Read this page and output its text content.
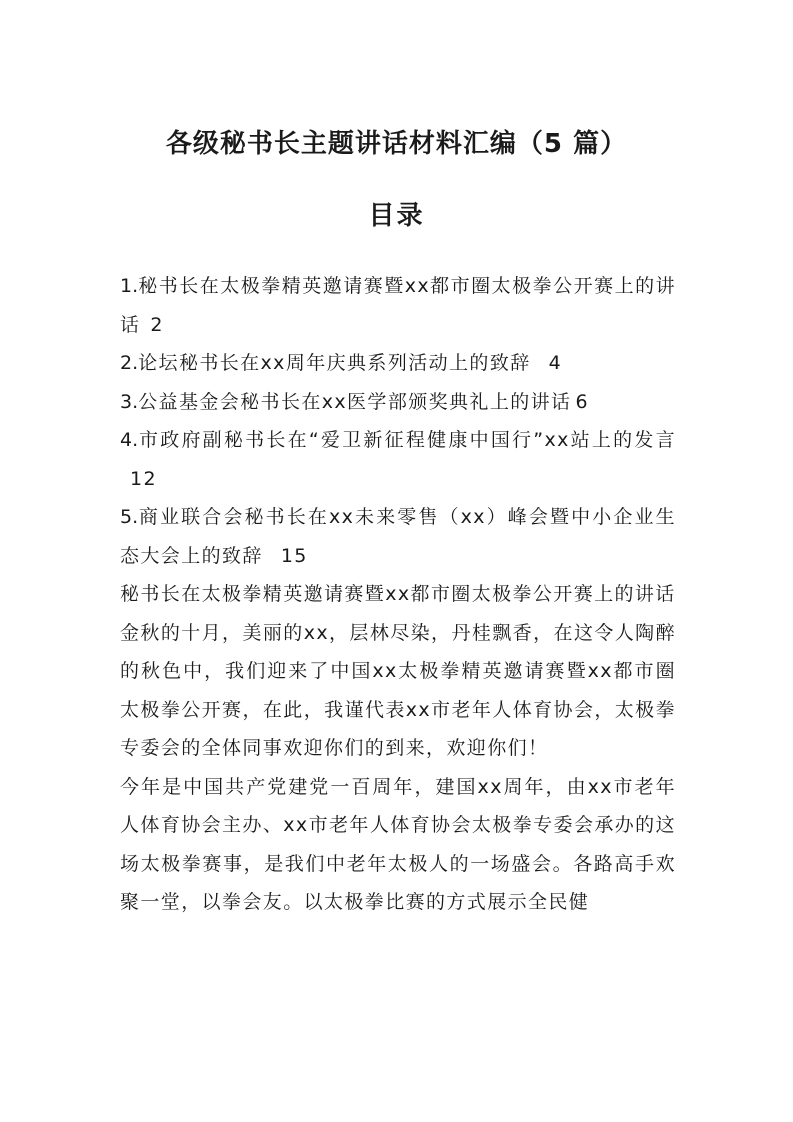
各级秘书长主题讲话材料汇编（5 篇）
目录

1.秘书长在太极拳精英邀请赛暨xx都市圈太极拳公开赛上的讲话 2

2.论坛秘书长在xx周年庆典系列活动上的致辞 4

3.公益基金会秘书长在xx医学部颁奖典礼上的讲话 6

4.市政府副秘书长在“爱卫新征程健康中国行”xx站上的发言12

5.商业联合会秘书长在xx未来零售（xx）峰会暨中小企业生态大会上的致辞 15

秘书长在太极拳精英邀请赛暨xx都市圈太极拳公开赛上的讲话

金秋的十月，美丽的xx，层林尽染，丹桂飘香，在这令人陶醉的秋色中，我们迎来了中国xx太极拳精英邀请赛暨xx都市圈太极拳公开赛，在此，我谨代表xx市老年人体育协会，太极拳专委会的全体同事欢迎你们的到来，欢迎你们！

今年是中国共产党建党一百周年，建国xx周年，由xx市老年人体育协会主办、xx市老年人体育协会太极拳专委会承办的这场太极拳赛事，是我们中老年太极人的一场盛会。各路高手欢聚一堂，以拳会友。以太极拳比赛的方式展示全民健
